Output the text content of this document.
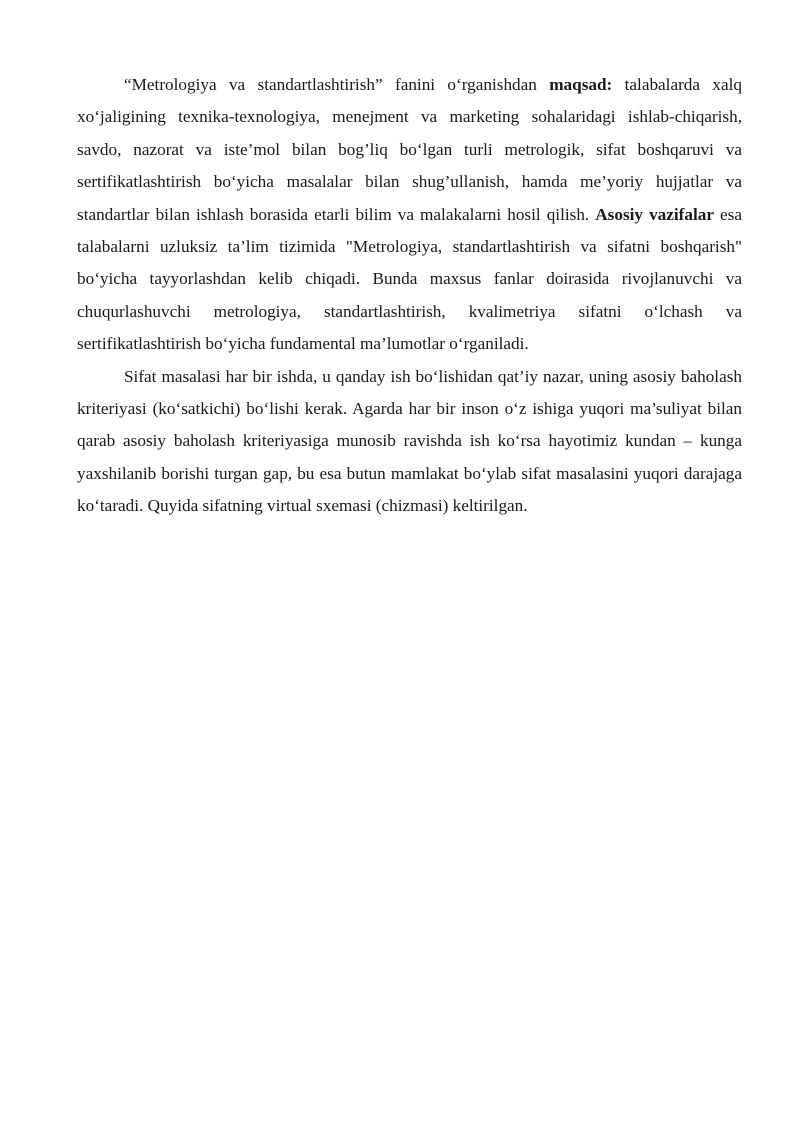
“Metrologiya va standartlashtirish” fanini o‘rganishdan maqsad: talabalarda xalq xo‘jaligining texnika-texnologiya, menejment va marketing sohalaridagi ishlab-chiqarish, savdo, nazorat va iste’mol bilan bog’liq bo‘lgan turli metrologik, sifat boshqaruvi va sertifikatlashtirish bo‘yicha masalalar bilan shug’ullanish, hamda me’yoriy hujjatlar va standartlar bilan ishlash borasida etarli bilim va malakalarni hosil qilish. Asosiy vazifalar esa talabalarni uzluksiz ta’lim tizimida "Metrologiya, standartlashtirish va sifatni boshqarish" bo‘yicha tayyorlashdan kelib chiqadi. Bunda maxsus fanlar doirasida rivojlanuvchi va chuqurlashuvchi metrologiya, standartlashtirish, kvalimetriya sifatni o‘lchash va sertifikatlashtirish bo‘yicha fundamental ma’lumotlar o‘rganiladi.

Sifat masalasi har bir ishda, u qanday ish bo‘lishidan qat’iy nazar, uning asosiy baholash kriteriyasi (ko‘satkichi) bo‘lishi kerak. Agarda har bir inson o‘z ishiga yuqori ma’suliyat bilan qarab asosiy baholash kriteriyasiga munosib ravishda ish ko‘rsa hayotimiz kundan – kunga yaxshilanib borishi turgan gap, bu esa butun mamlakat bo‘ylab sifat masalasini yuqori darajaga ko‘taradi. Quyida sifatning virtual sxemasi (chizmasi) keltirilgan.
